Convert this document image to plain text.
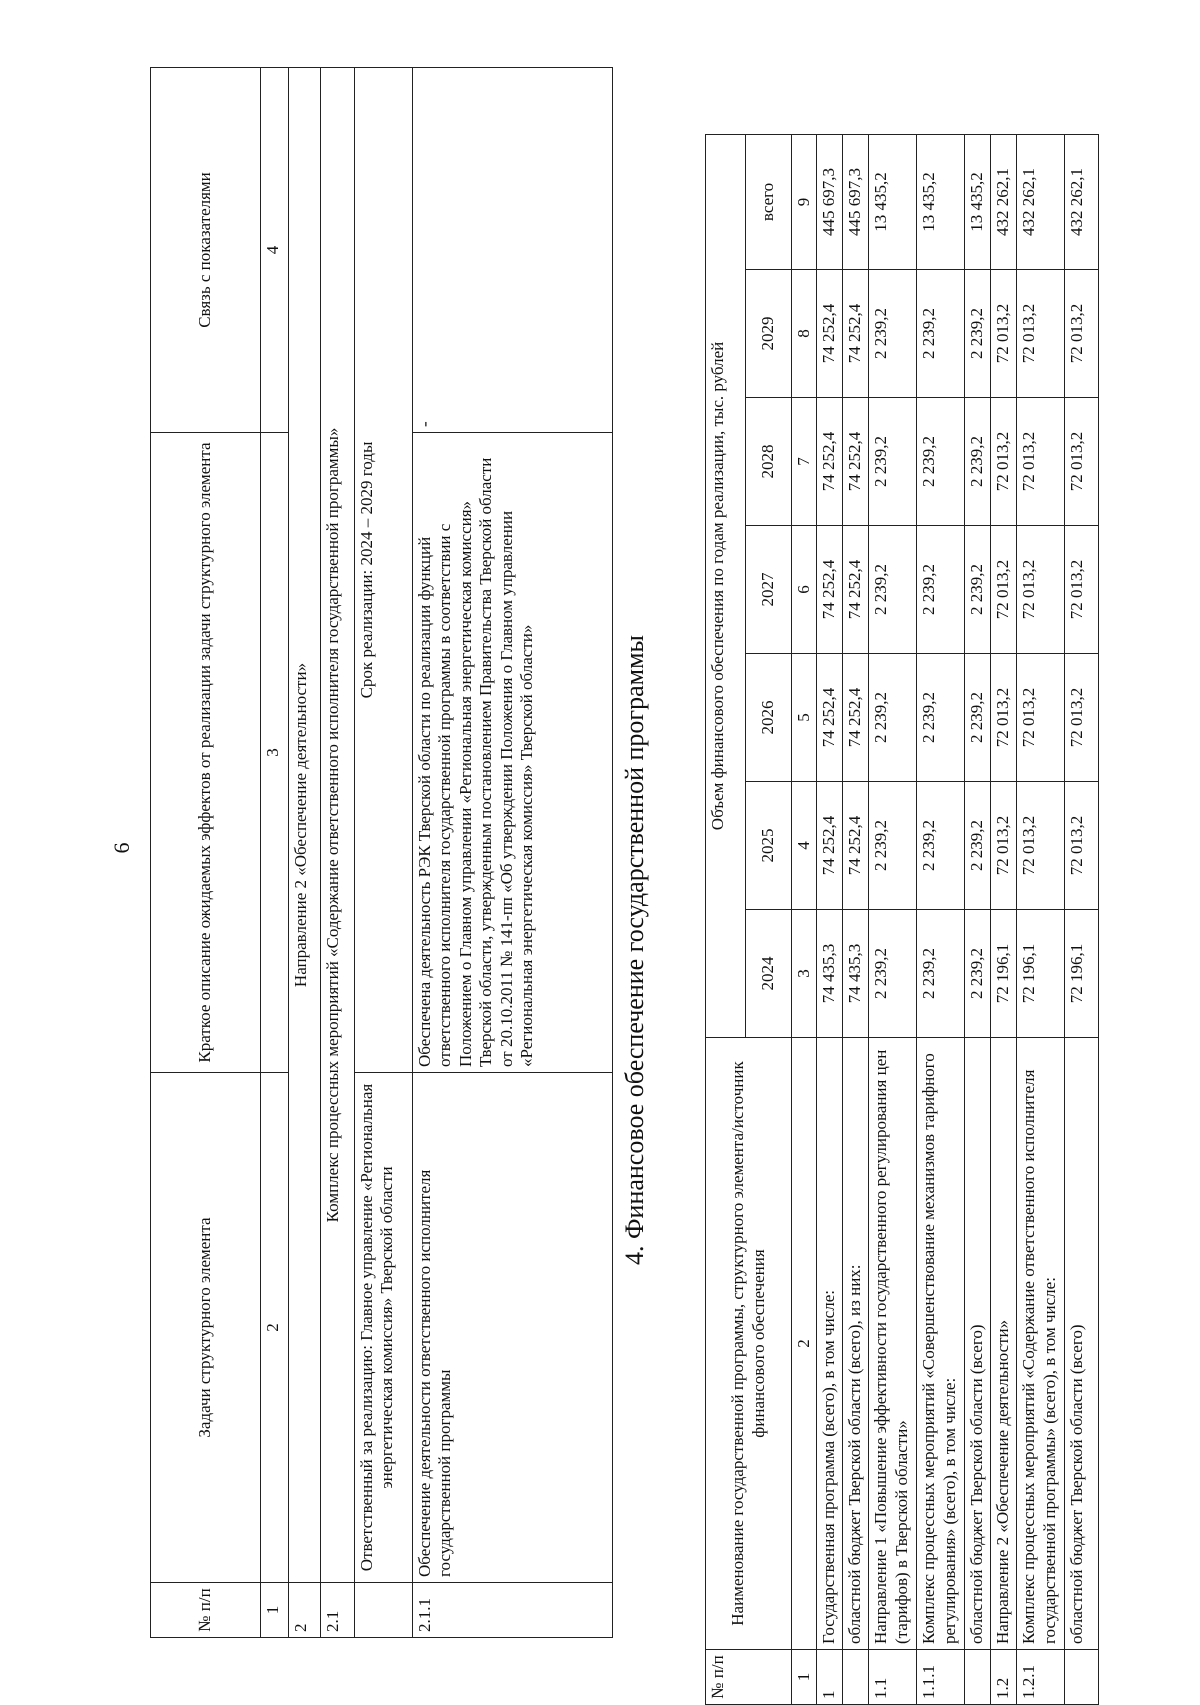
6
№ п/п	Задачи структурного элемента	Краткое описание ожидаемых эффектов от реализации задачи структурного элемента	Связь с показателями
1	2	3	4
2	Направление 2 «Обеспечение деятельности»		
2.1	Комплекс процессных мероприятий «Содержание ответственного исполнителя государственной программы»		
	Ответственный за реализацию: Главное управление «Региональная энергетическая комиссия» Тверской области	Срок реализации: 2024 – 2029 годы	
2.1.1	Обеспечение деятельности ответственного исполнителя государственной программы	Обеспечена деятельность РЭК Тверской области по реализации функций ответственного исполнителя государственной программы в соответствии с Положением о Главном управлении «Региональная энергетическая комиссия» Тверской области, утвержденным постановлением Правительства Тверской области от 20.10.2011 № 141-пп «Об утверждении Положения о Главном управлении «Региональная энергетическая комиссия» Тверской области»	-
4. Финансовое обеспечение государственной программы
№ п/п	Наименование государственной программы, структурного элемента/источник финансового обеспечения	Объем финансового обеспечения по годам реализации, тыс. рублей						
		2024	2025	2026	2027	2028	2029	всего
1	2	3	4	5	6	7	8	9
1	Государственная программа (всего), в том числе:	74 435,3	74 252,4	74 252,4	74 252,4	74 252,4	74 252,4	445 697,3
	областной бюджет Тверской области (всего), из них:	74 435,3	74 252,4	74 252,4	74 252,4	74 252,4	74 252,4	445 697,3
1.1	Направление 1 «Повышение эффективности государственного регулирования цен (тарифов) в Тверской области»	2 239,2	2 239,2	2 239,2	2 239,2	2 239,2	2 239,2	13 435,2
1.1.1	Комплекс процессных мероприятий «Совершенствование механизмов тарифного регулирования» (всего), в том числе:	2 239,2	2 239,2	2 239,2	2 239,2	2 239,2	2 239,2	13 435,2
	областной бюджет Тверской области (всего)	2 239,2	2 239,2	2 239,2	2 239,2	2 239,2	2 239,2	13 435,2
1.2	Направление 2 «Обеспечение деятельности»	72 196,1	72 013,2	72 013,2	72 013,2	72 013,2	72 013,2	432 262,1
1.2.1	Комплекс процессных мероприятий «Содержание ответственного исполнителя государственной программы» (всего), в том числе:	72 196,1	72 013,2	72 013,2	72 013,2	72 013,2	72 013,2	432 262,1
	областной бюджет Тверской области (всего)	72 196,1	72 013,2	72 013,2	72 013,2	72 013,2	72 013,2	432 262,1
